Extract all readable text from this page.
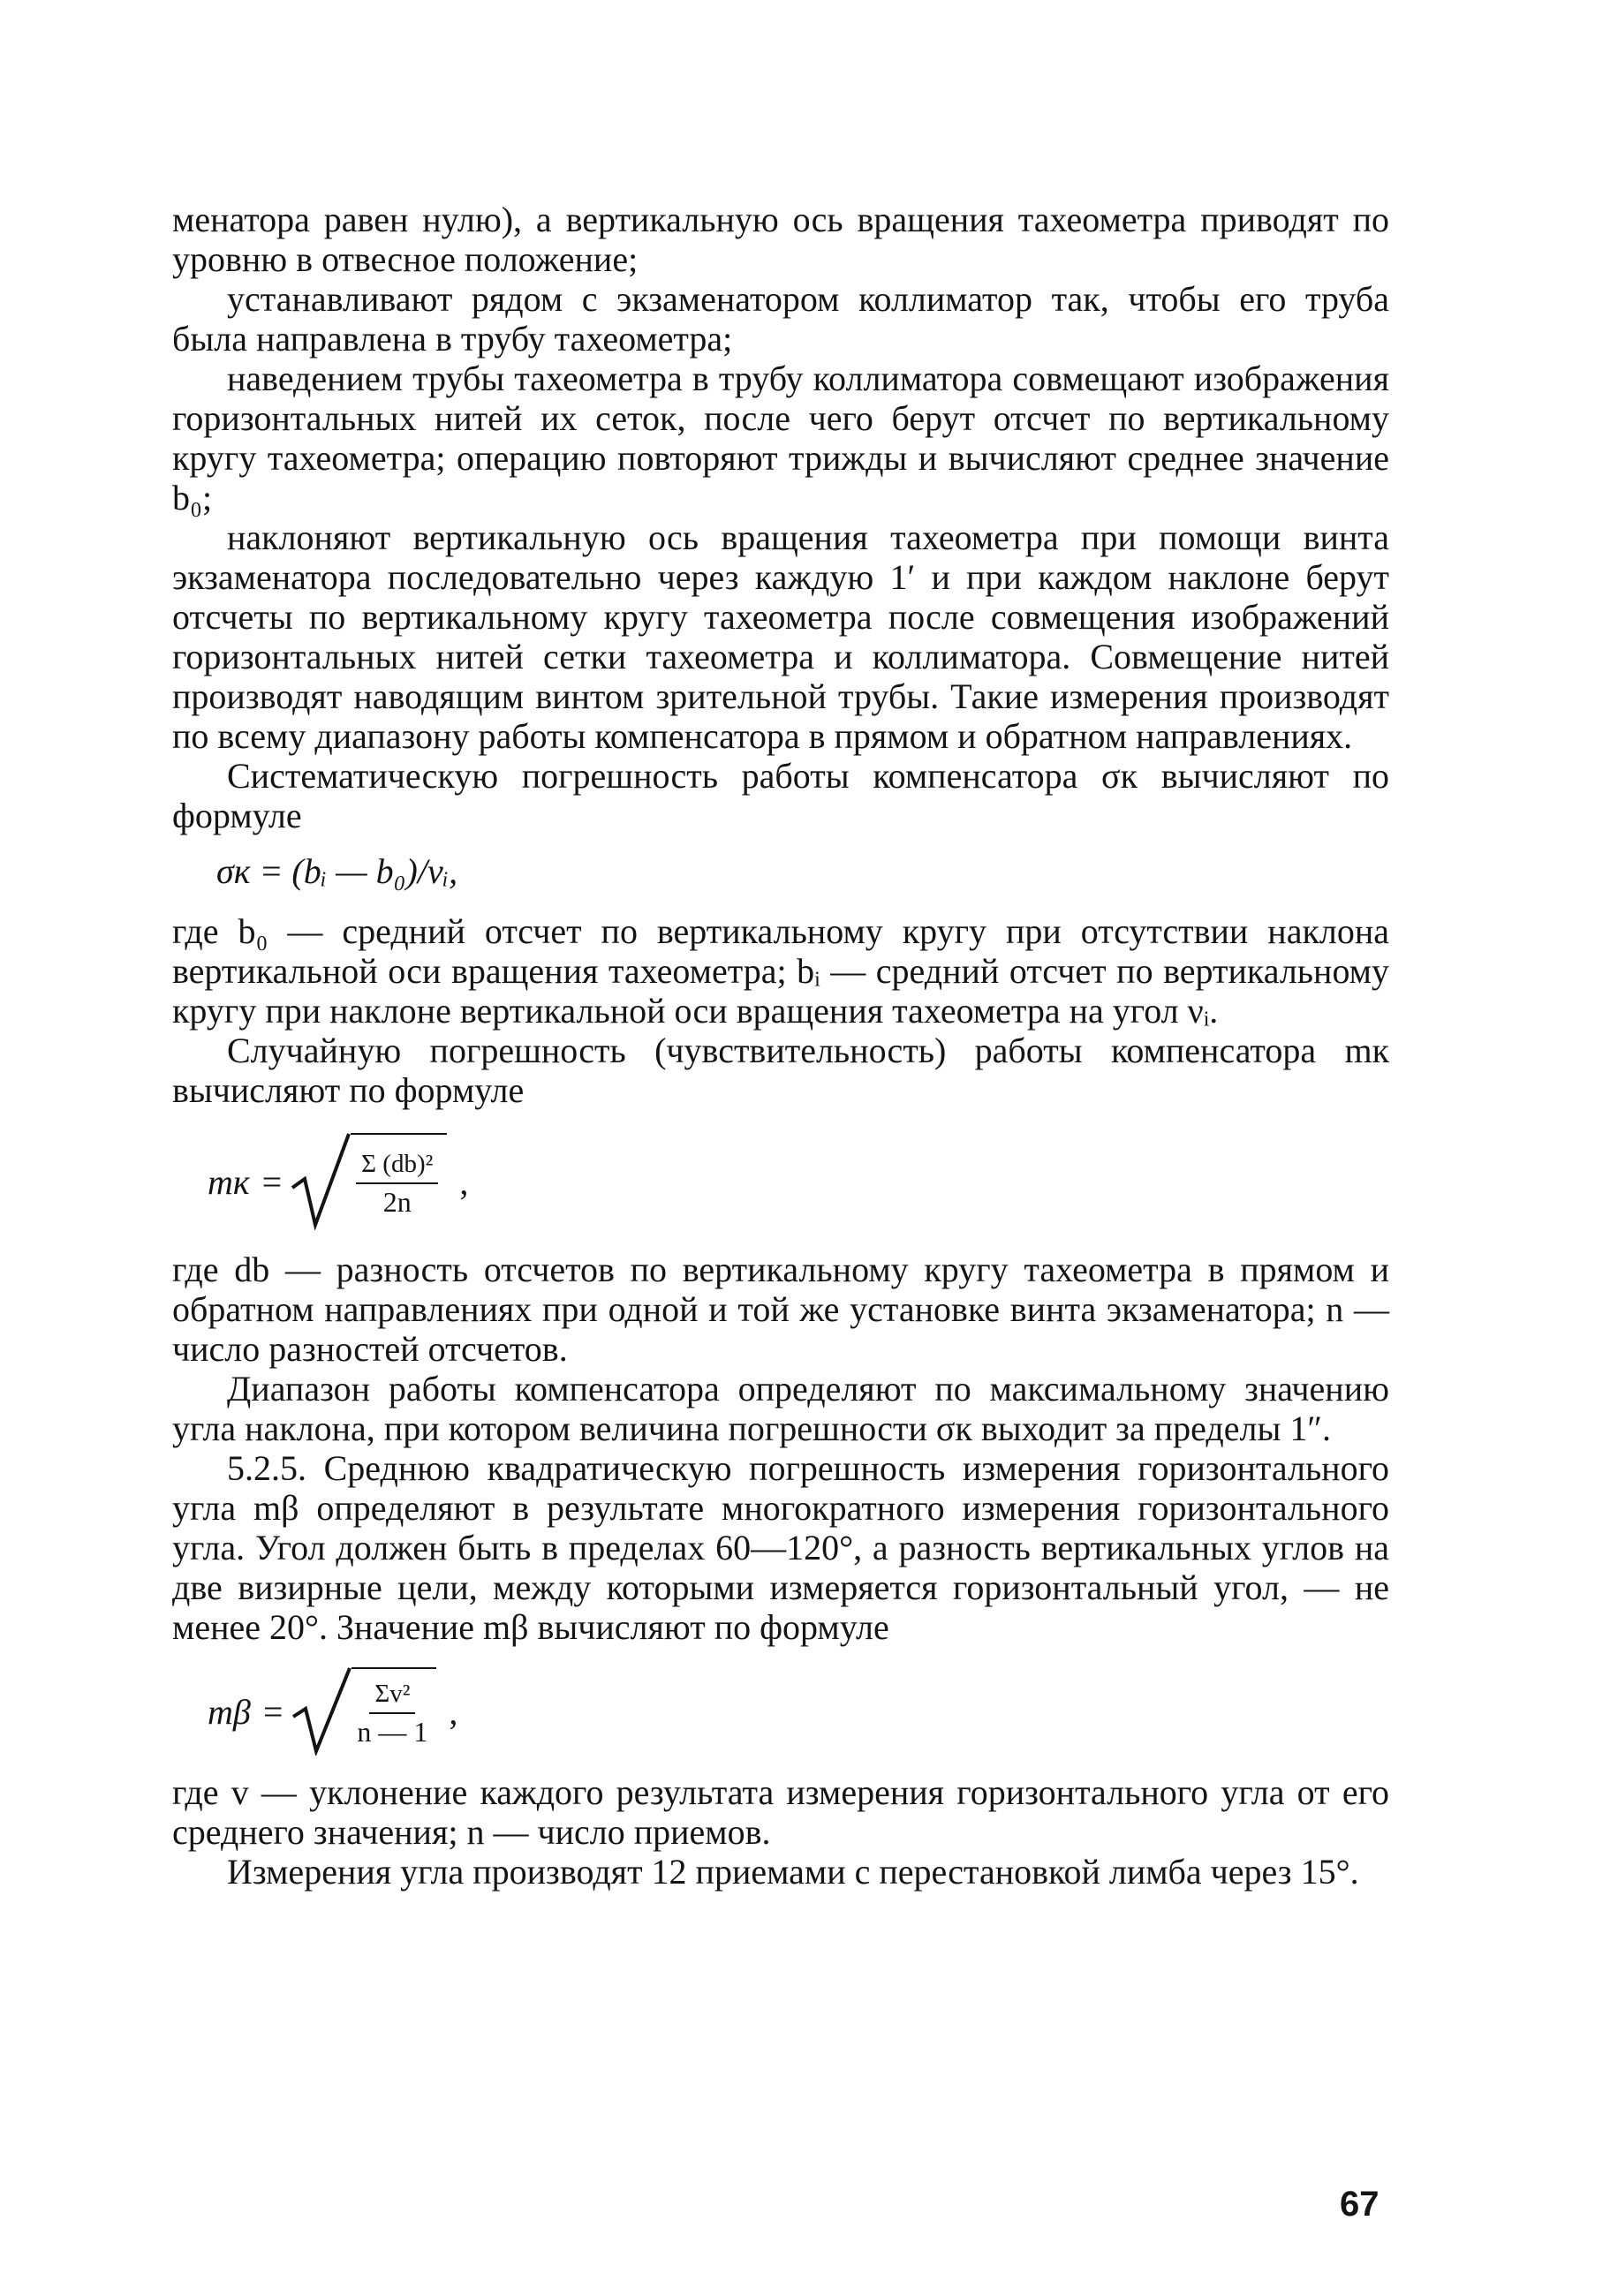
менатора равен нулю), а вертикальную ось вращения тахеометра приводят по уровню в отвесное положение;

устанавливают рядом с экзаменатором коллиматор так, чтобы его труба была направлена в трубу тахеометра;

наведением трубы тахеометра в трубу коллиматора совмещают изображения горизонтальных нитей их сеток, после чего берут отсчет по вертикальному кругу тахеометра; операцию повторяют трижды и вычисляют среднее значение b₀;

наклоняют вертикальную ось вращения тахеометра при помощи винта экзаменатора последовательно через каждую 1′ и при каждом наклоне берут отсчеты по вертикальному кругу тахеометра после совмещения изображений горизонтальных нитей сетки тахеометра и коллиматора. Совмещение нитей производят наводящим винтом зрительной трубы. Такие измерения производят по всему диапазону работы компенсатора в прямом и обратном направлениях.

Систематическую погрешность работы компенсатора σк вычисляют по формуле

σк = (bᵢ — b₀)/νᵢ,

где b₀ — средний отсчет по вертикальному кругу при отсутствии наклона вертикальной оси вращения тахеометра; bᵢ — средний отсчет по вертикальному кругу при наклоне вертикальной оси вращения тахеометра на угол νᵢ.

Случайную погрешность (чувствительность) работы компенсатора mк вычисляют по формуле

mк =	$\frac{\text{Σ (db)²}}{2n}$ ,

где db — разность отсчетов по вертикальному кругу тахеометра в прямом и обратном направлениях при одной и той же установке винта экзаменатора; n — число разностей отсчетов.

Диапазон работы компенсатора определяют по максимальному значению угла наклона, при котором величина погрешности σк выходит за пределы 1″.

5.2.5. Среднюю квадратическую погрешность измерения горизонтального угла mβ определяют в результате многократного измерения горизонтального угла. Угол должен быть в пределах 60—120°, а разность вертикальных углов на две визирные цели, между которыми измеряется горизонтальный угол, — не менее 20°. Значение mβ вычисляют по формуле

mβ =	$\frac{\text{Σv²}}{n — 1}$ ,

где v — уклонение каждого результата измерения горизонтального угла от его среднего значения; n — число приемов.

Измерения угла производят 12 приемами с перестановкой лимба через 15°.

67
